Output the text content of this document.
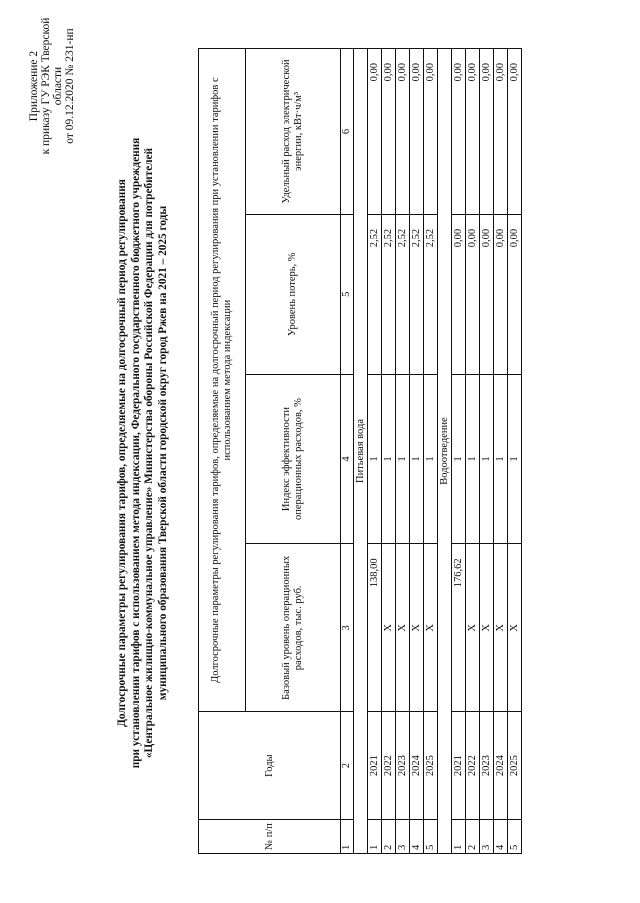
Приложение 2 к приказу ГУ РЭК Тверской области от 09.12.2020 № 231-нп
Долгосрочные параметры регулирования тарифов, определяемые на долгосрочный период регулирования при установлении тарифов с использованием метода индексации, Федерального государственного бюджетного учреждения «Центральное жилищно-коммунальное управление» Министерства обороны Российской Федерации для потребителей муниципального образования Тверской области городской округ город Ржев на 2021 – 2025 годы
№ п/п	Годы	Долгосрочные параметры регулирования тарифов, определяемые на долгосрочный период регулирования при установлении тарифов с использованием метода индексации			
		Базовый уровень операционных расходов, тыс. руб.	Индекс эффективности операционных расходов, %	Уровень потерь, %	Удельный расход электрической энергии, кВт·ч/м³
1	2	3	4	5	6
Питьевая вода					
1	2021	138,00	1	2,52	0,00
2	2022	Х	1	2,52	0,00
3	2023	Х	1	2,52	0,00
4	2024	Х	1	2,52	0,00
5	2025	Х	1	2,52	0,00
Водоотведение					
1	2021	176,62	1	0,00	0,00
2	2022	Х	1	0,00	0,00
3	2023	Х	1	0,00	0,00
4	2024	Х	1	0,00	0,00
5	2025	Х	1	0,00	0,00
